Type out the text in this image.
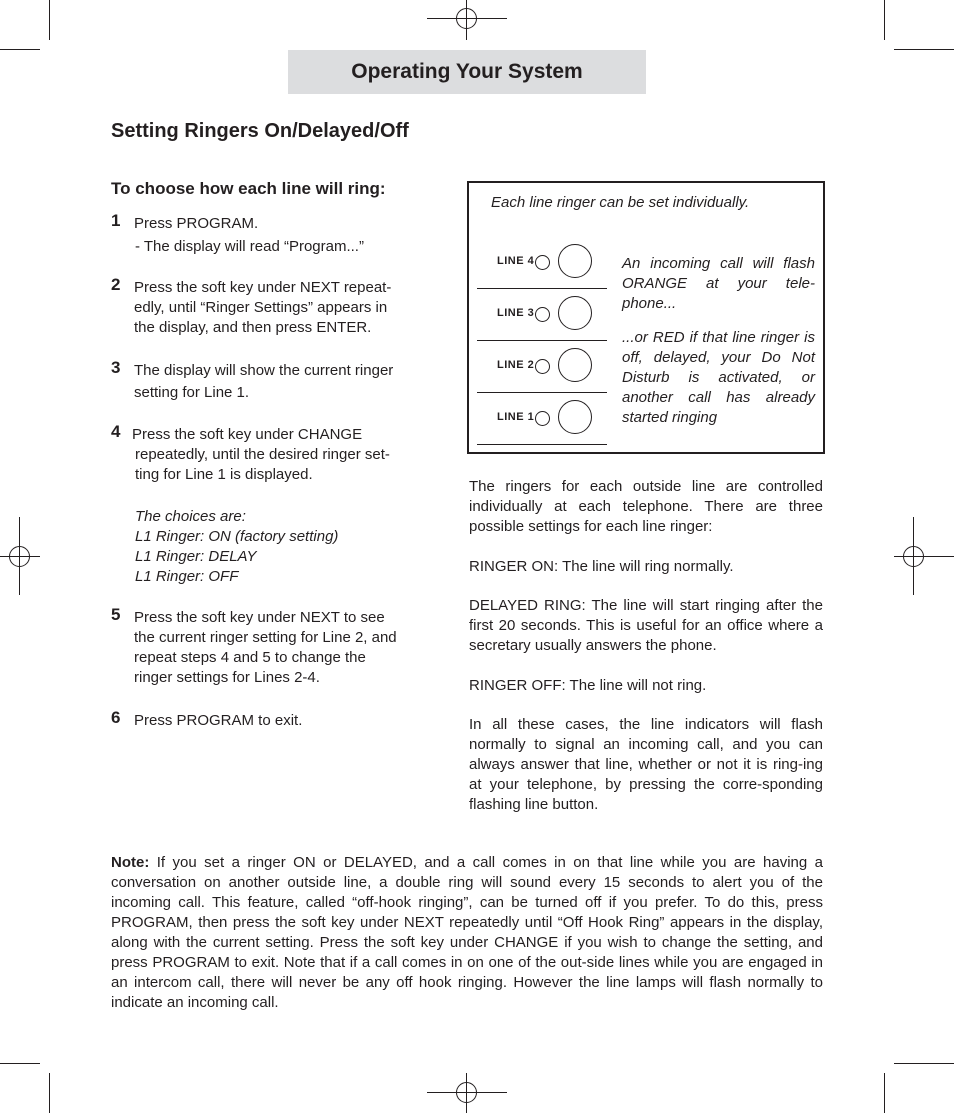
Operating Your System
Setting Ringers On/Delayed/Off
To choose how each line will ring:
1 Press PROGRAM.
- The display will read “Program...”
2 Press the soft key under NEXT repeat-
edly, until “Ringer Settings” appears in
the display, and then press ENTER.
3 The display will show the current ringer
setting for Line 1.
4 Press the soft key under CHANGE
repeatedly, until the desired ringer set-
ting for Line 1 is displayed.
The choices are:
L1 Ringer: ON (factory setting)
L1 Ringer: DELAY
L1 Ringer: OFF
5 Press the soft key under NEXT to see
the current ringer setting for Line 2, and
repeat steps 4 and 5 to change the
ringer settings for Lines 2-4.
6 Press PROGRAM to exit.
Each line ringer can be set individually.
LINE 4
LINE 3
LINE 2
LINE 1
An incoming call will flash ORANGE at your tele-phone...
...or RED if that line ringer is off, delayed, your Do Not Disturb is activated, or another call has already started ringing
The ringers for each outside line are controlled individually at each telephone. There are three possible settings for each line ringer:
RINGER ON: The line will ring normally.
DELAYED RING: The line will start ringing after the first 20 seconds. This is useful for an office where a secretary usually answers the phone.
RINGER OFF: The line will not ring.
In all these cases, the line indicators will flash normally to signal an incoming call, and you can always answer that line, whether or not it is ring-ing at your telephone, by pressing the corre-sponding flashing line button.
Note: If you set a ringer ON or DELAYED, and a call comes in on that line while you are having a conversation on another outside line, a double ring will sound every 15 seconds to alert you of the incoming call. This feature, called “off-hook ringing”, can be turned off if you prefer. To do this, press PROGRAM, then press the soft key under NEXT repeatedly until “Off Hook Ring” appears in the display, along with the current setting. Press the soft key under CHANGE if you wish to change the setting, and press PROGRAM to exit. Note that if a call comes in on one of the out-side lines while you are engaged in an intercom call, there will never be any off hook ringing. However the line lamps will flash normally to indicate an incoming call.
